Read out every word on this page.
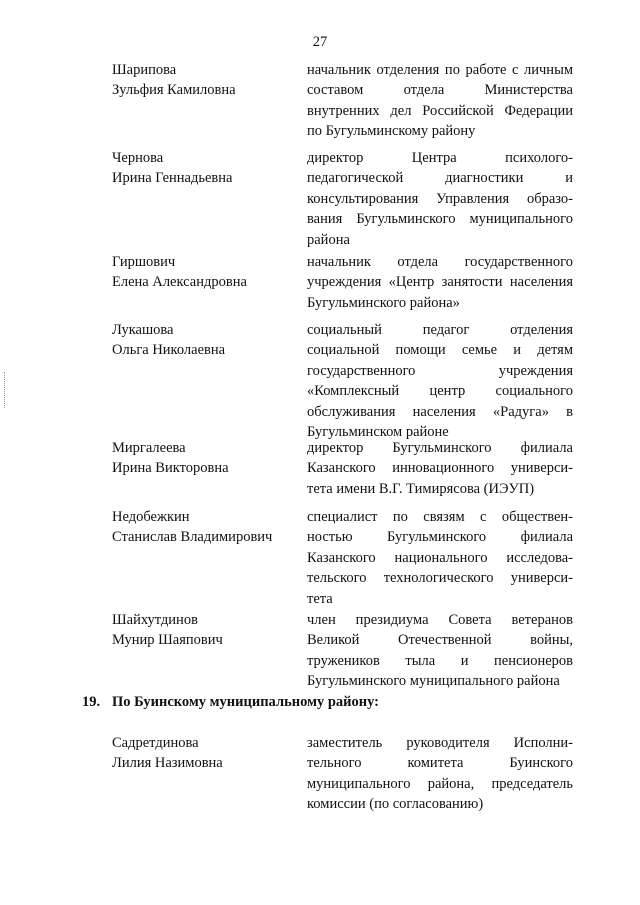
27
Шарипова
Зульфия Камиловна
начальник отделения по работе с личным
составом отдела Министерства
внутренних дел Российской Федерации
по Бугульминскому району
Чернова
Ирина Геннадьевна
директор Центра психолого-
педагогической диагностики и
консультирования Управления образо-
вания Бугульминского муниципального
района
Гиршович
Елена Александровна
начальник отдела государственного
учреждения «Центр занятости населения
Бугульминского района»
Лукашова
Ольга Николаевна
социальный педагог отделения
социальной помощи семье и детям
государственного учреждения
«Комплексный центр социального
обслуживания населения «Радуга» в
Бугульминском районе
Миргалеева
Ирина Викторовна
директор Бугульминского филиала
Казанского инновационного универси-
тета имени В.Г. Тимирясова (ИЭУП)
Недобежкин
Станислав Владимирович
специалист по связям с обществен-
ностью Бугульминского филиала
Казанского национального исследова-
тельского технологического универси-
тета
Шайхутдинов
Мунир Шаяпович
член президиума Совета ветеранов
Великой Отечественной войны,
тружеников тыла и пенсионеров
Бугульминского муниципального района
19. По Буинскому муниципальному району:
Садретдинова
Лилия Назимовна
заместитель руководителя Исполни-
тельного комитета Буинского
муниципального района, председатель
комиссии (по согласованию)
